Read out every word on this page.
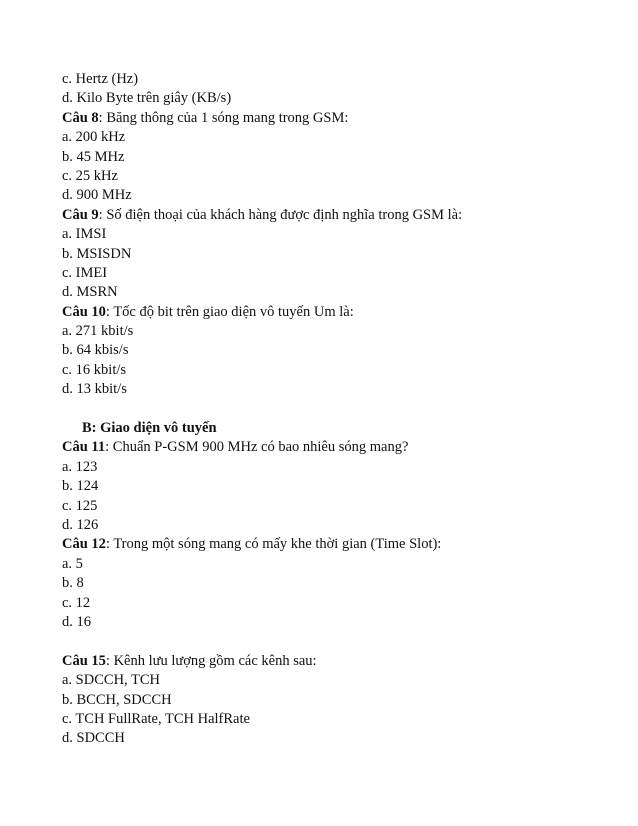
c. Hertz (Hz)
d. Kilo Byte trên giây (KB/s)
Câu 8: Băng thông của 1 sóng mang trong GSM:
a. 200 kHz
b. 45 MHz
c. 25 kHz
d. 900 MHz
Câu 9: Số điện thoại của khách hàng được định nghĩa trong GSM là:
a. IMSI
b. MSISDN
c. IMEI
d. MSRN
Câu 10: Tốc độ bit trên giao diện vô tuyến Um là:
a. 271 kbit/s
b. 64 kbis/s
c. 16 kbit/s
d. 13 kbit/s
B: Giao diện vô tuyến
Câu 11: Chuẩn P-GSM 900 MHz có bao nhiêu sóng mang?
a. 123
b. 124
c. 125
d. 126
Câu 12: Trong một sóng mang có mấy khe thời gian (Time Slot):
a. 5
b. 8
c. 12
d. 16
Câu 15: Kênh lưu lượng gồm các kênh sau:
a. SDCCH, TCH
b. BCCH, SDCCH
c. TCH FullRate, TCH HalfRate
d. SDCCH
